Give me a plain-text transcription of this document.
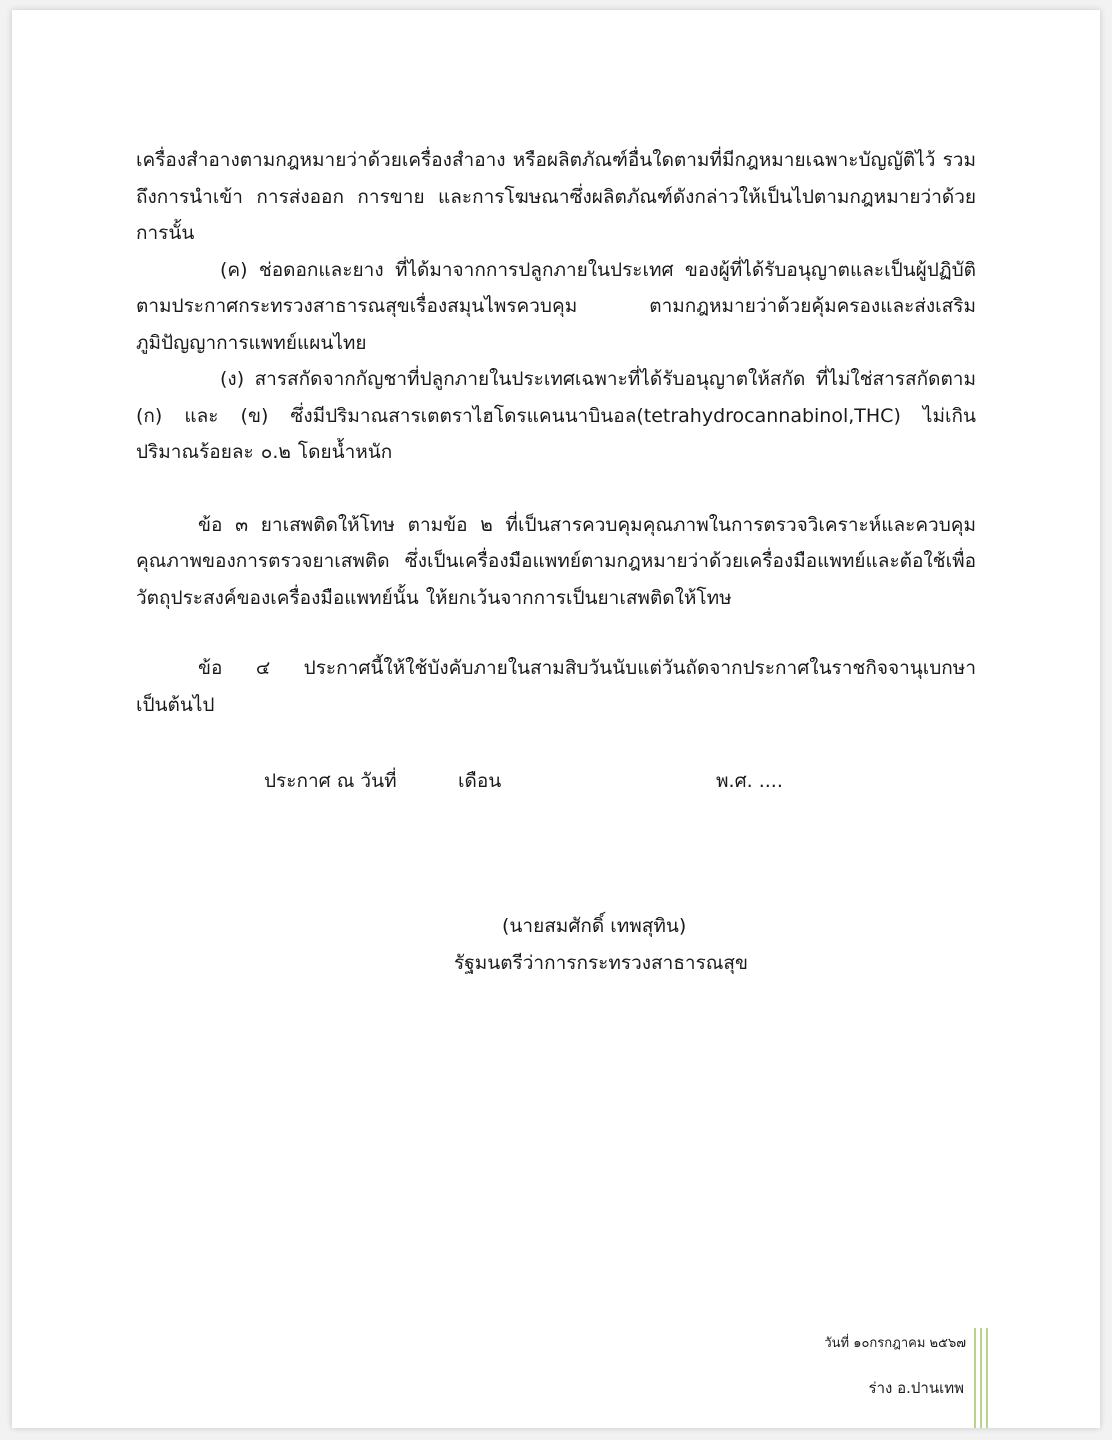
เครื่องสำอางตามกฎหมายว่าด้วยเครื่องสำอาง หรือผลิตภัณฑ์อื่นใดตามที่มีกฎหมายเฉพาะบัญญัติไว้ รวมถึงการนำเข้า การส่งออก การขาย และการโฆษณาซึ่งผลิตภัณฑ์ดังกล่าวให้เป็นไปตามกฎหมายว่าด้วยการนั้น

(ค) ช่อดอกและยาง ที่ได้มาจากการปลูกภายในประเทศ ของผู้ที่ได้รับอนุญาตและเป็นผู้ปฏิบัติตามประกาศกระทรวงสาธารณสุขเรื่องสมุนไพรควบคุม ตามกฎหมายว่าด้วยคุ้มครองและส่งเสริมภูมิปัญญาการแพทย์แผนไทย

(ง) สารสกัดจากกัญชาที่ปลูกภายในประเทศเฉพาะที่ได้รับอนุญาตให้สกัด ที่ไม่ใช่สารสกัดตาม (ก) และ (ข) ซึ่งมีปริมาณสารเตตราไฮโดรแคนนาบินอล(tetrahydrocannabinol,THC) ไม่เกินปริมาณร้อยละ ๐.๒ โดยน้ำหนัก

ข้อ ๓ ยาเสพติดให้โทษ ตามข้อ ๒ ที่เป็นสารควบคุมคุณภาพในการตรวจวิเคราะห์และควบคุมคุณภาพของการตรวจยาเสพติด ซึ่งเป็นเครื่องมือแพทย์ตามกฎหมายว่าด้วยเครื่องมือแพทย์และต้อใช้เพื่อวัตถุประสงค์ของเครื่องมือแพทย์นั้น ให้ยกเว้นจากการเป็นยาเสพติดให้โทษ

ข้อ ๔ ประกาศนี้ให้ใช้บังคับภายในสามสิบวันนับแต่วันถัดจากประกาศในราชกิจจานุเบกษาเป็นต้นไป

ประกาศ ณ วันที่	เดือน	พ.ศ. ....
(นายสมศักดิ์ เทพสุทิน)
รัฐมนตรีว่าการกระทรวงสาธารณสุข
วันที่ ๑๐กรกฎาคม ๒๕๖๗
ร่าง อ.ปานเทพ
